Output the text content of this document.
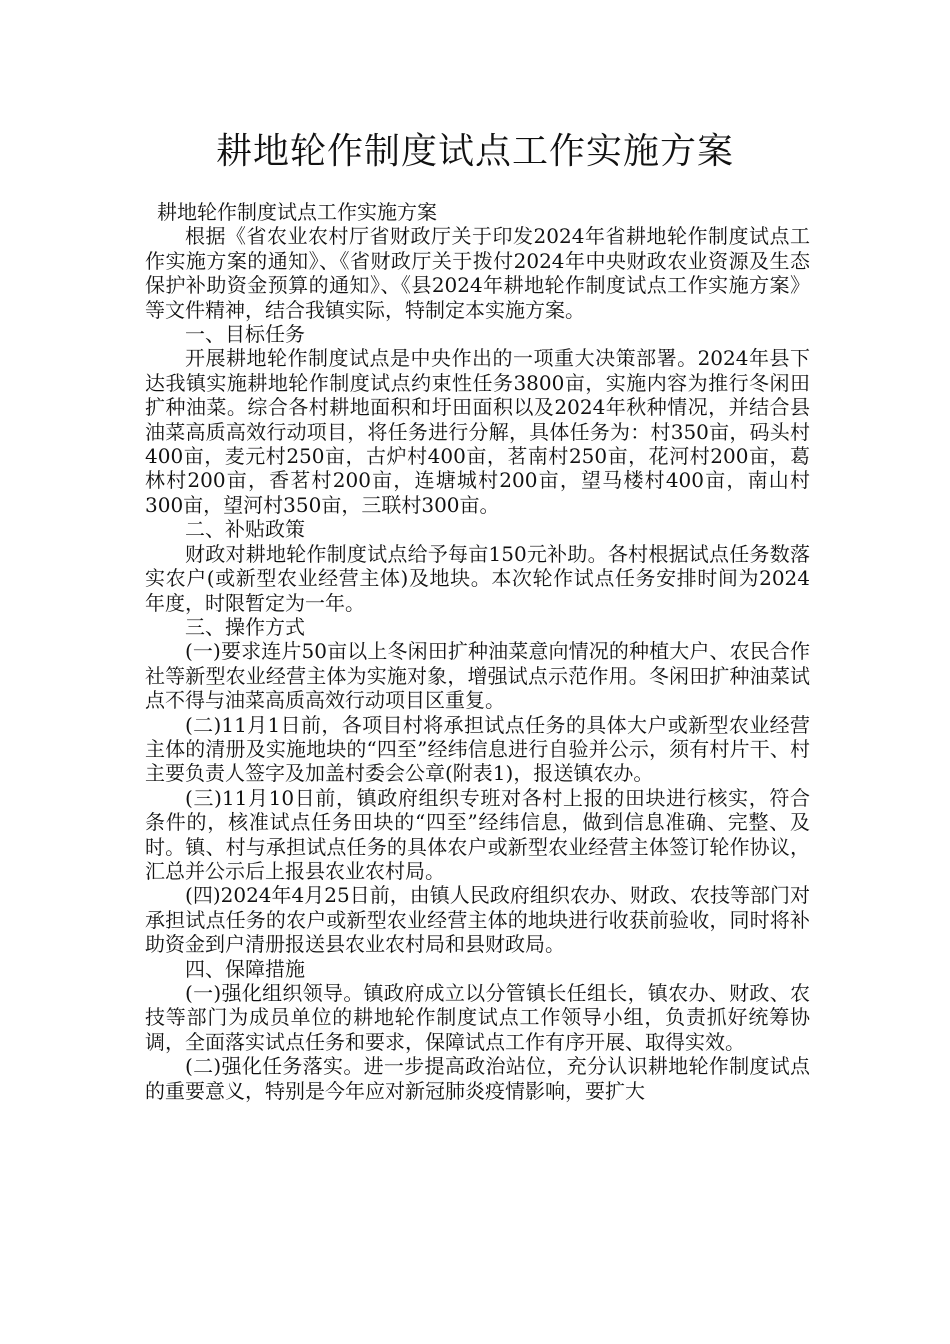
耕地轮作制度试点工作实施方案

耕地轮作制度试点工作实施方案

根据《省农业农村厅省财政厅关于印发2024年省耕地轮作制度试点工作实施方案的通知》、《省财政厅关于拨付2024年中央财政农业资源及生态保护补助资金预算的通知》、《县2024年耕地轮作制度试点工作实施方案》等文件精神，结合我镇实际，特制定本实施方案。

一、目标任务

开展耕地轮作制度试点是中央作出的一项重大决策部署。2024年县下达我镇实施耕地轮作制度试点约束性任务3800亩，实施内容为推行冬闲田扩种油菜。综合各村耕地面积和圩田面积以及2024年秋种情况，并结合县油菜高质高效行动项目，将任务进行分解，具体任务为：村350亩，码头村400亩，麦元村250亩，古炉村400亩，茗南村250亩，花河村200亩，葛林村200亩，香茗村200亩，连塘城村200亩，望马楼村400亩，南山村300亩，望河村350亩，三联村300亩。

二、补贴政策

财政对耕地轮作制度试点给予每亩150元补助。各村根据试点任务数落实农户(或新型农业经营主体)及地块。本次轮作试点任务安排时间为2024年度，时限暂定为一年。

三、操作方式

(一)要求连片50亩以上冬闲田扩种油菜意向情况的种植大户、农民合作社等新型农业经营主体为实施对象，增强试点示范作用。冬闲田扩种油菜试点不得与油菜高质高效行动项目区重复。

(二)11月1日前，各项目村将承担试点任务的具体大户或新型农业经营主体的清册及实施地块的“四至”经纬信息进行自验并公示，须有村片干、村主要负责人签字及加盖村委会公章(附表1)，报送镇农办。

(三)11月10日前，镇政府组织专班对各村上报的田块进行核实，符合条件的，核准试点任务田块的“四至”经纬信息，做到信息准确、完整、及时。镇、村与承担试点任务的具体农户或新型农业经营主体签订轮作协议，汇总并公示后上报县农业农村局。

(四)2024年4月25日前，由镇人民政府组织农办、财政、农技等部门对承担试点任务的农户或新型农业经营主体的地块进行收获前验收，同时将补助资金到户清册报送县农业农村局和县财政局。

四、保障措施

(一)强化组织领导。镇政府成立以分管镇长任组长，镇农办、财政、农技等部门为成员单位的耕地轮作制度试点工作领导小组，负责抓好统筹协调，全面落实试点任务和要求，保障试点工作有序开展、取得实效。

(二)强化任务落实。进一步提高政治站位，充分认识耕地轮作制度试点的重要意义，特别是今年应对新冠肺炎疫情影响，要扩大
